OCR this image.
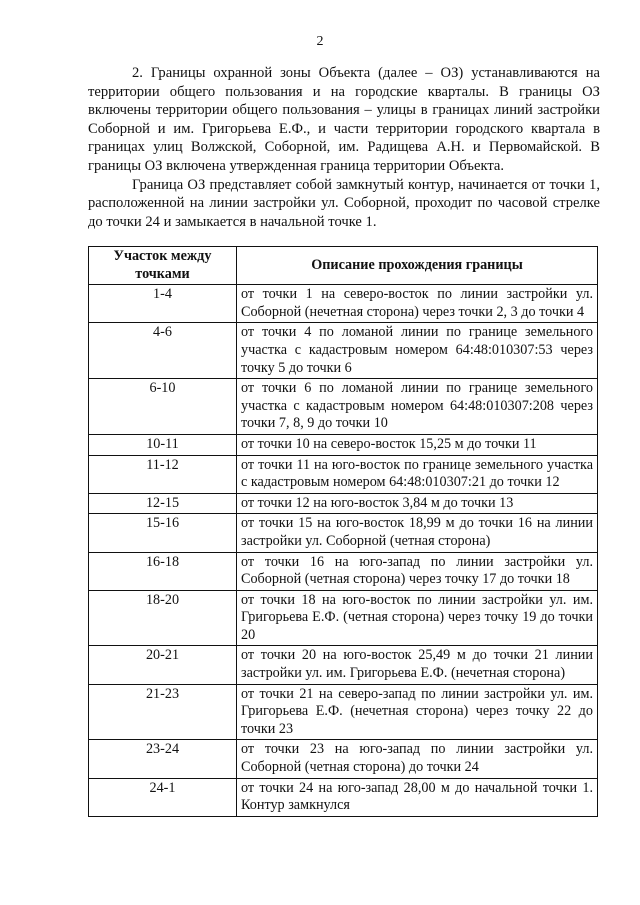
2

2. Границы охранной зоны Объекта (далее – ОЗ) устанавливаются на территории общего пользования и на городские кварталы. В границы ОЗ включены территории общего пользования – улицы в границах линий застройки Соборной и им. Григорьева Е.Ф., и части территории городского квартала в границах улиц Волжской, Соборной, им. Радищева А.Н. и Первомайской. В границы ОЗ включена утвержденная граница территории Объекта.

Граница ОЗ представляет собой замкнутый контур, начинается от точки 1, расположенной на линии застройки ул. Соборной, проходит по часовой стрелке до точки 24 и замыкается в начальной точке 1.

Участок между точками	Описание прохождения границы
1-4	от точки 1 на северо-восток по линии застройки ул. Соборной (нечетная сторона) через точки 2, 3 до точки 4
4-6	от точки 4 по ломаной линии по границе земельного участка с кадастровым номером 64:48:010307:53 через точку 5 до точки 6
6-10	от точки 6 по ломаной линии по границе земельного участка с кадастровым номером 64:48:010307:208 через точки 7, 8, 9 до точки 10
10-11	от точки 10 на северо-восток 15,25 м до точки 11
11-12	от точки 11 на юго-восток по границе земельного участка с кадастровым номером 64:48:010307:21 до точки 12
12-15	от точки 12 на юго-восток 3,84 м до точки 13
15-16	от точки 15 на юго-восток 18,99 м до точки 16 на линии застройки ул. Соборной (четная сторона)
16-18	от точки 16 на юго-запад по линии застройки ул. Соборной (четная сторона) через точку 17 до точки 18
18-20	от точки 18 на юго-восток по линии застройки ул. им. Григорьева Е.Ф. (четная сторона) через точку 19 до точки 20
20-21	от точки 20 на юго-восток 25,49 м до точки 21 линии застройки ул. им. Григорьева Е.Ф. (нечетная сторона)
21-23	от точки 21 на северо-запад по линии застройки ул. им. Григорьева Е.Ф. (нечетная сторона) через точку 22 до точки 23
23-24	от точки 23 на юго-запад по линии застройки ул. Соборной (четная сторона) до точки 24
24-1	от точки 24 на юго-запад 28,00 м до начальной точки 1. Контур замкнулся
